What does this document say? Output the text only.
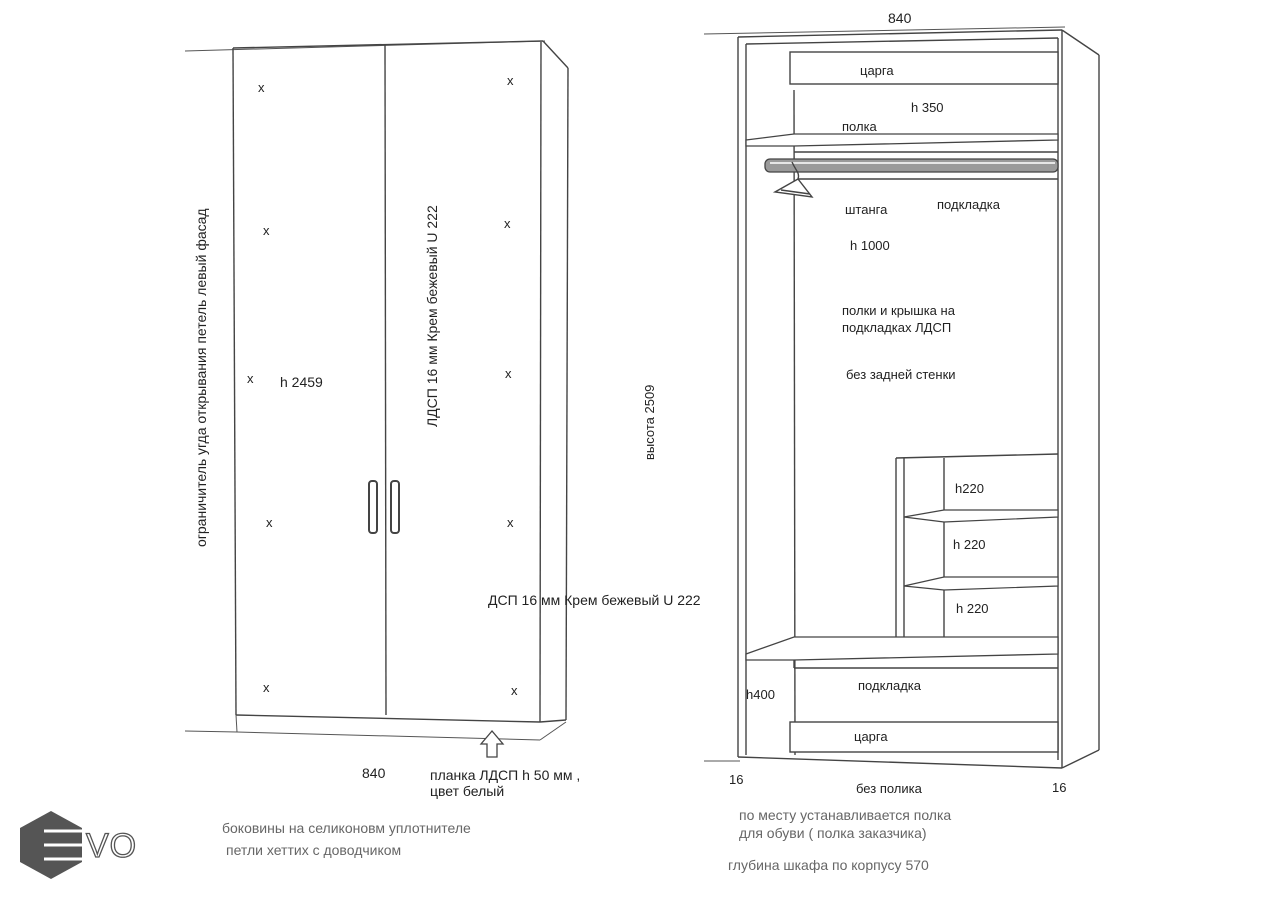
x
x
x
x
x
x
x
x
x
x
h 2459	ЛДСП 16 мм Крем бежевый U 222
ограничитель угда открывания петель левый фасад
840	планка ЛДСП h 50 мм ,
цвет белый
высота 2509
ДСП 16 мм Крем бежевый U 222
840
царга
h 350
полка
штанга	подкладка
h 1000
полки и крышка на
подкладках ЛДСП
без задней стенки
h220
h 220
h 220
h400
подкладка
царга
16
16
без полика
боковины на селиконовм уплотнителе
петли хеттих с доводчиком
по месту устанавливается полка
для обуви ( полка заказчика)
глубина шкафа по корпусу 570
VO
